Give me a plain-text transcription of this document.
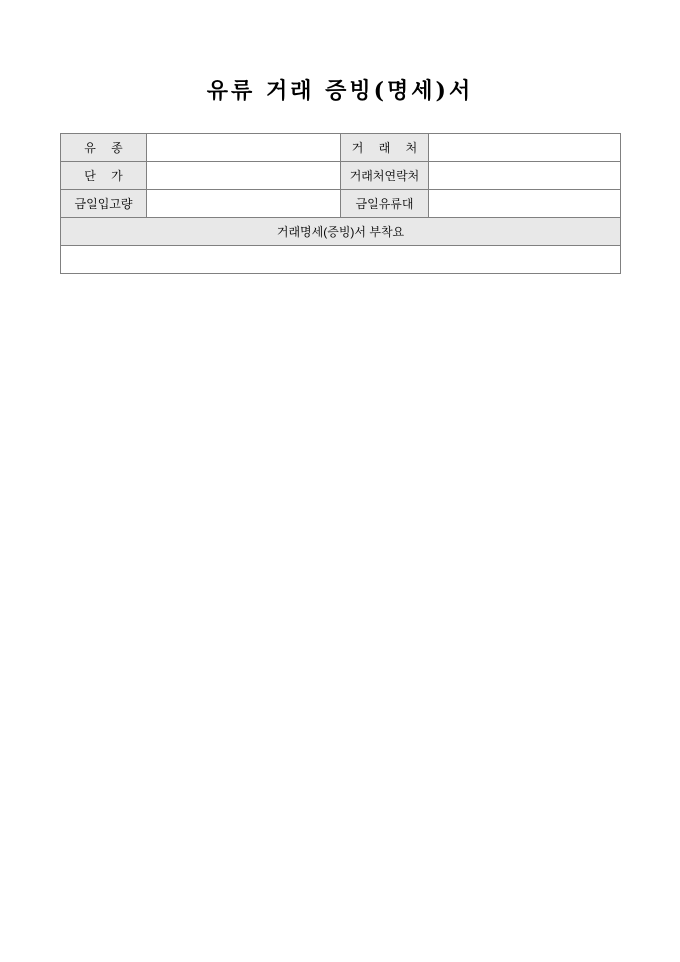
유류 거래 증빙(명세)서
유 종		거 래 처	
단 가		거래처연락처	
금일입고량		금일유류대	
거래명세(증빙)서 부착요			
